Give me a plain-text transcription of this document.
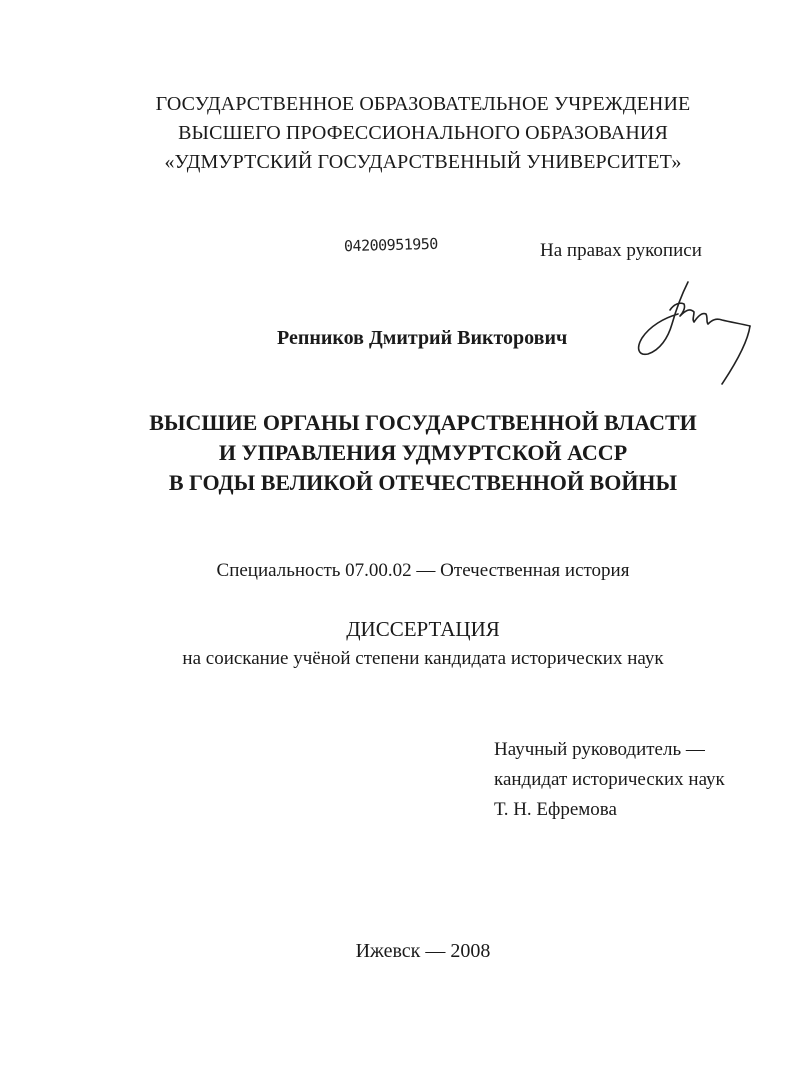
ГОСУДАРСТВЕННОЕ ОБРАЗОВАТЕЛЬНОЕ УЧРЕЖДЕНИЕ
ВЫСШЕГО ПРОФЕССИОНАЛЬНОГО ОБРАЗОВАНИЯ
«УДМУРТСКИЙ ГОСУДАРСТВЕННЫЙ УНИВЕРСИТЕТ»
04200951950	На правах рукописи
Репников Дмитрий Викторович
ВЫСШИЕ ОРГАНЫ ГОСУДАРСТВЕННОЙ ВЛАСТИ
И УПРАВЛЕНИЯ УДМУРТСКОЙ АССР
В ГОДЫ ВЕЛИКОЙ ОТЕЧЕСТВЕННОЙ ВОЙНЫ
Специальность 07.00.02 — Отечественная история
ДИССЕРТАЦИЯ
на соискание учёной степени кандидата исторических наук
Научный руководитель —
кандидат исторических наук
Т. Н. Ефремова
Ижевск — 2008
